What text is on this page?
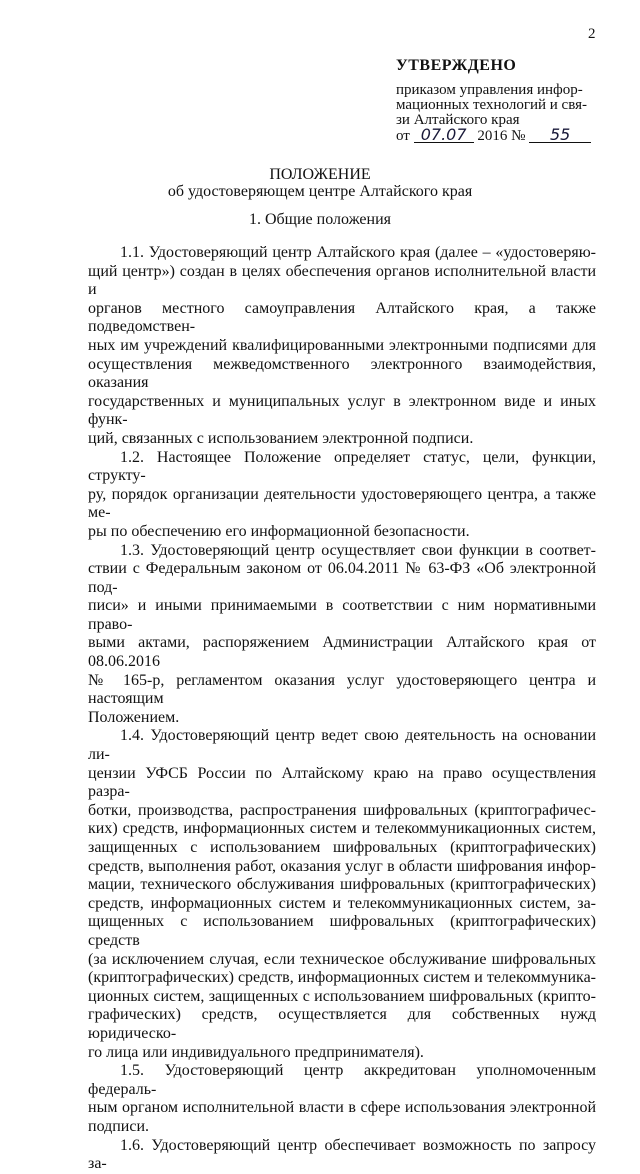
2
УТВЕРЖДЕНО
приказом управления инфор-
мационных технологий и свя-
зи Алтайского края
от 07.07 2016 № 55
ПОЛОЖЕНИЕ
об удостоверяющем центре Алтайского края
1. Общие положения

1.1. Удостоверяющий центр Алтайского края (далее – «удостоверяю-
щий центр») создан в целях обеспечения органов исполнительной власти и
органов местного самоуправления Алтайского края, а также подведомствен-
ных им учреждений квалифицированными электронными подписями для
осуществления межведомственного электронного взаимодействия, оказания
государственных и муниципальных услуг в электронном виде и иных функ-
ций, связанных с использованием электронной подписи.

1.2. Настоящее Положение определяет статус, цели, функции, структу-
ру, порядок организации деятельности удостоверяющего центра, а также ме-
ры по обеспечению его информационной безопасности.

1.3. Удостоверяющий центр осуществляет свои функции в соответ-
ствии с Федеральным законом от 06.04.2011 № 63-ФЗ «Об электронной под-
писи» и иными принимаемыми в соответствии с ним нормативными право-
выми актами, распоряжением Администрации Алтайского края от 08.06.2016
№ 165-р, регламентом оказания услуг удостоверяющего центра и настоящим
Положением.

1.4. Удостоверяющий центр ведет свою деятельность на основании ли-
цензии УФСБ России по Алтайскому краю на право осуществления разра-
ботки, производства, распространения шифровальных (криптографичес-
ких) средств, информационных систем и телекоммуникационных систем,
защищенных с использованием шифровальных (криптографических)
средств, выполнения работ, оказания услуг в области шифрования инфор-
мации, технического обслуживания шифровальных (криптографических)
средств, информационных систем и телекоммуникационных систем, за-
щищенных с использованием шифровальных (криптографических) средств
(за исключением случая, если техническое обслуживание шифровальных
(криптографических) средств, информационных систем и телекоммуника-
ционных систем, защищенных с использованием шифровальных (крипто-
графических) средств, осуществляется для собственных нужд юридическо-
го лица или индивидуального предпринимателя).

1.5. Удостоверяющий центр аккредитован уполномоченным федераль-
ным органом исполнительной власти в сфере использования электронной
подписи.

1.6. Удостоверяющий центр обеспечивает возможность по запросу за-
